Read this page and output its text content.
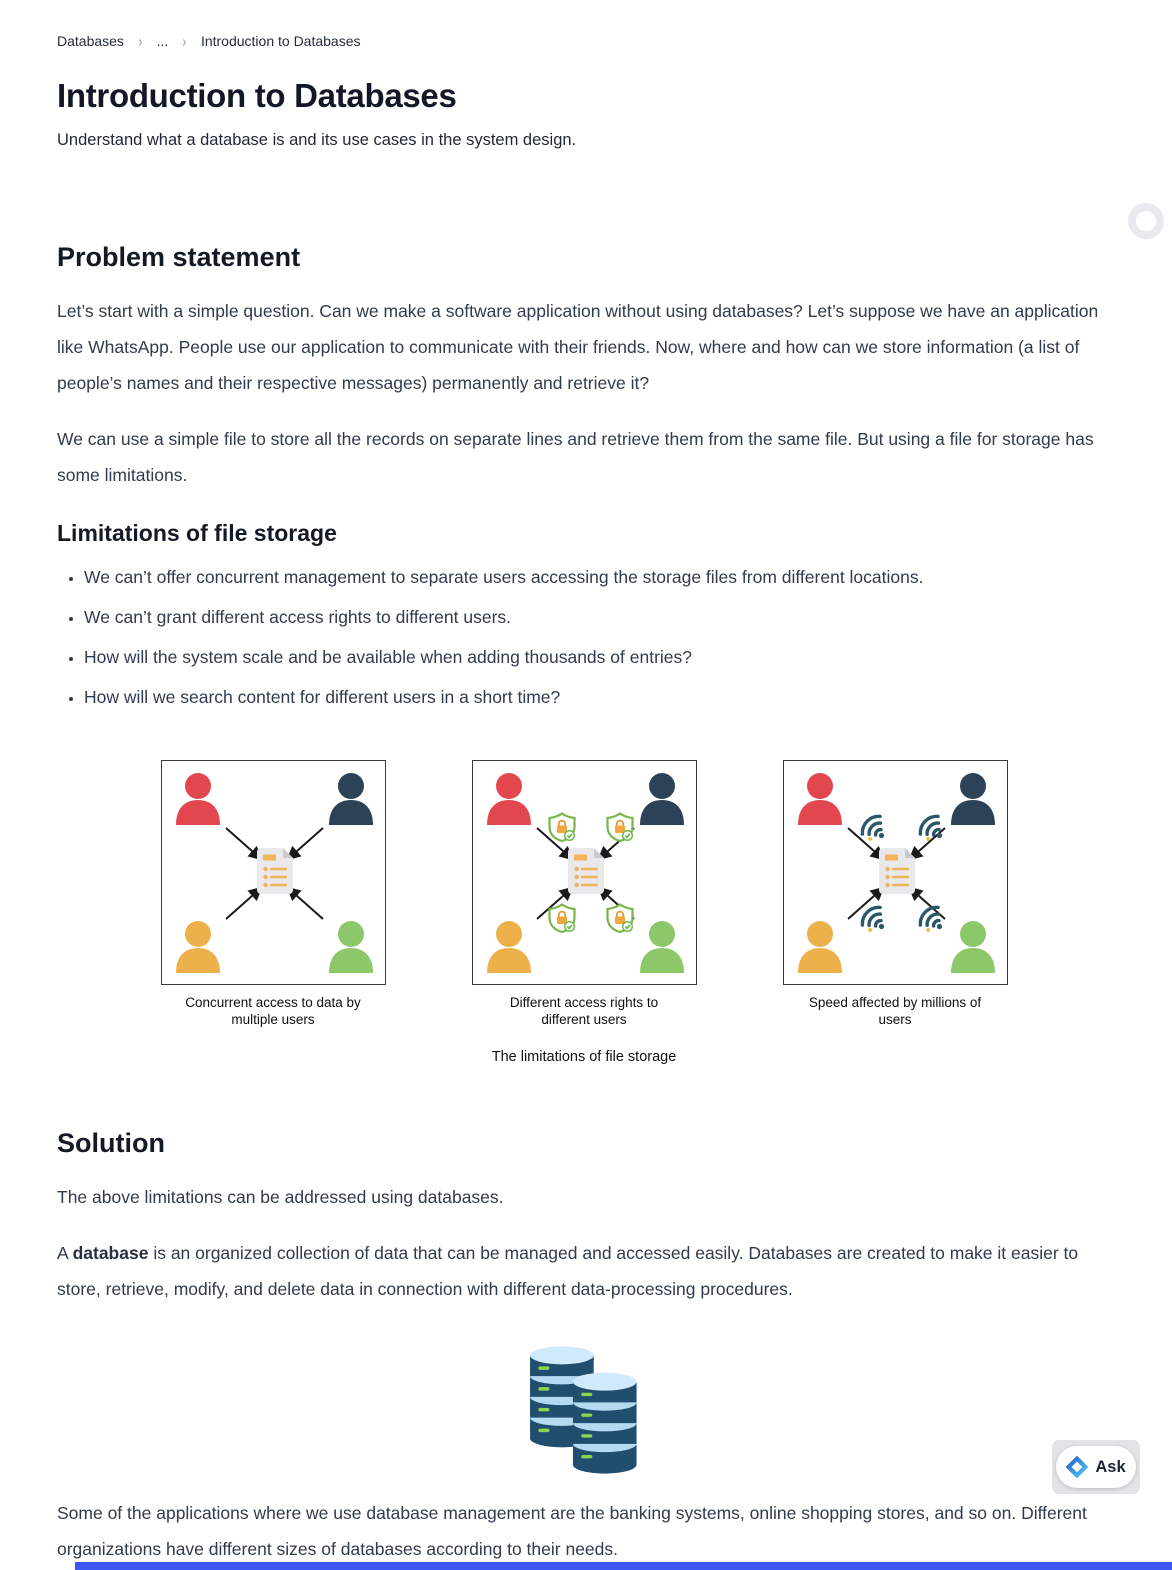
Databases › ... › Introduction to Databases
Introduction to Databases
Understand what a database is and its use cases in the system design.
Problem statement

Let’s start with a simple question. Can we make a software application without using databases? Let’s suppose we have an application like WhatsApp. People use our application to communicate with their friends. Now, where and how can we store information (a list of people’s names and their respective messages) permanently and retrieve it?

We can use a simple file to store all the records on separate lines and retrieve them from the same file. But using a file for storage has some limitations.

Limitations of file storage
• We can’t offer concurrent management to separate users accessing the storage files from different locations.
• We can’t grant different access rights to different users.
• How will the system scale and be available when adding thousands of entries?
• How will we search content for different users in a short time?
Concurrent access to data by multiple users
Different access rights to different users
Speed affected by millions of users
The limitations of file storage
Solution

The above limitations can be addressed using databases.

A database is an organized collection of data that can be managed and accessed easily. Databases are created to make it easier to store, retrieve, modify, and delete data in connection with different data-processing procedures.

Some of the applications where we use database management are the banking systems, online shopping stores, and so on. Different organizations have different sizes of databases according to their needs.

Ask
